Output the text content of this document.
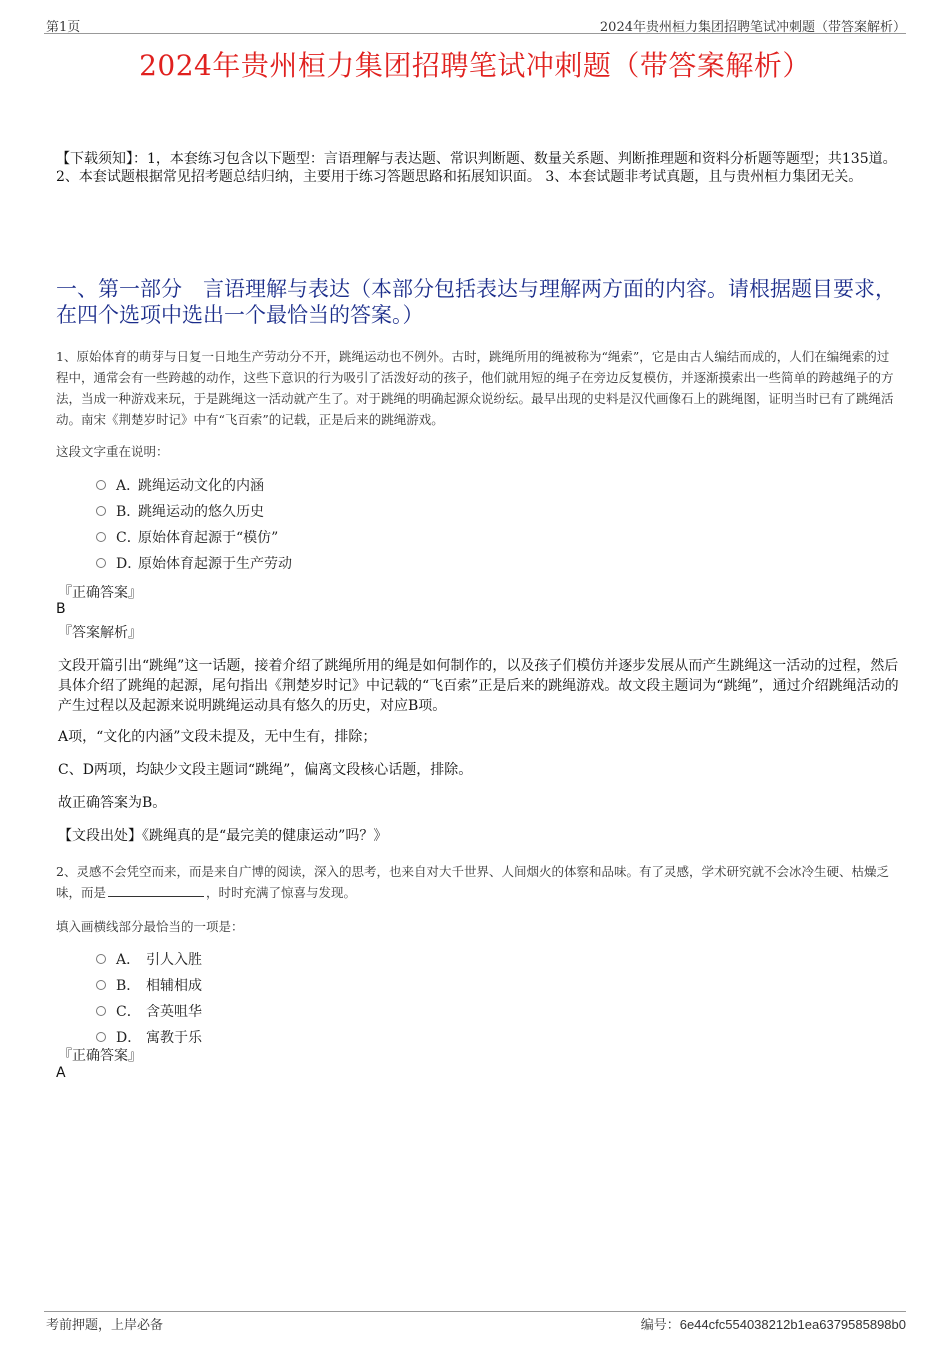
第1页	2024年贵州桓力集团招聘笔试冲刺题（带答案解析）
2024年贵州桓力集团招聘笔试冲刺题（带答案解析）
【下载须知】：1，本套练习包含以下题型：言语理解与表达题、常识判断题、数量关系题、判断推理题和资料分析题等题型；共135道。 2、本套试题根据常见招考题总结归纳，主要用于练习答题思路和拓展知识面。 3、本套试题非考试真题，且与贵州桓力集团无关。
一、第一部分　言语理解与表达（本部分包括表达与理解两方面的内容。请根据题目要求，在四个选项中选出一个最恰当的答案。）
1、原始体育的萌芽与日复一日地生产劳动分不开，跳绳运动也不例外。古时，跳绳所用的绳被称为“绳索”，它是由古人编结而成的，人们在编绳索的过程中，通常会有一些跨越的动作，这些下意识的行为吸引了活泼好动的孩子，他们就用短的绳子在旁边反复模仿，并逐渐摸索出一些简单的跨越绳子的方法，当成一种游戏来玩，于是跳绳这一活动就产生了。对于跳绳的明确起源众说纷纭。最早出现的史料是汉代画像石上的跳绳图，证明当时已有了跳绳活动。南宋《荆楚岁时记》中有“飞百索”的记载，正是后来的跳绳游戏。
这段文字重在说明：
A．跳绳运动文化的内涵
B．跳绳运动的悠久历史
C．原始体育起源于“模仿”
D．原始体育起源于生产劳动
『正确答案』
B
『答案解析』
文段开篇引出“跳绳”这一话题，接着介绍了跳绳所用的绳是如何制作的，以及孩子们模仿并逐步发展从而产生跳绳这一活动的过程，然后具体介绍了跳绳的起源，尾句指出《荆楚岁时记》中记载的“飞百索”正是后来的跳绳游戏。故文段主题词为“跳绳”，通过介绍跳绳活动的产生过程以及起源来说明跳绳运动具有悠久的历史，对应B项。
A项，“文化的内涵”文段未提及，无中生有，排除；
C、D两项，均缺少文段主题词“跳绳”，偏离文段核心话题，排除。
故正确答案为B。
【文段出处】《跳绳真的是“最完美的健康运动”吗？》
2、灵感不会凭空而来，而是来自广博的阅读，深入的思考，也来自对大千世界、人间烟火的体察和品味。有了灵感，学术研究就不会冰冷生硬、枯燥乏味，而是	，时时充满了惊喜与发现。
填入画横线部分最恰当的一项是：
A． 引人入胜
B． 相辅相成
C． 含英咀华
D． 寓教于乐
『正确答案』
A
考前押题，上岸必备	编号：6e44cfc554038212b1ea6379585898b0
